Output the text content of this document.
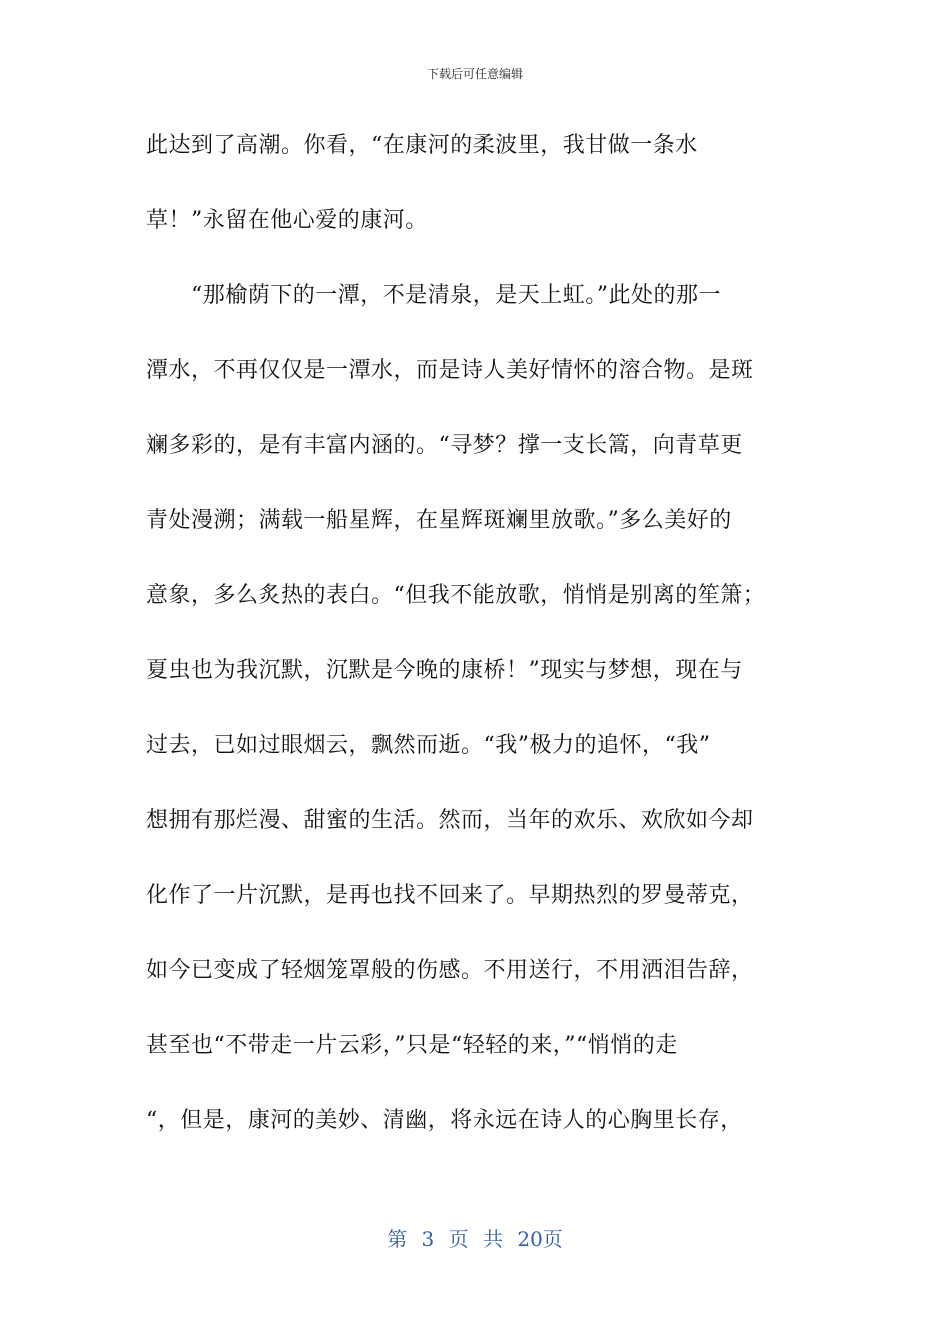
下载后可任意编辑
此达到了高潮。你看，“在康河的柔波里，我甘做一条水
草！”永留在他心爱的康河。
　　“那榆荫下的一潭，不是清泉，是天上虹。”此处的那一
潭水，不再仅仅是一潭水，而是诗人美好情怀的溶合物。是斑
斓多彩的，是有丰富内涵的。“寻梦？撑一支长篙，向青草更
青处漫溯；满载一船星辉，在星辉斑斓里放歌。”多么美好的
意象，多么炙热的表白。“但我不能放歌，悄悄是别离的笙箫；
夏虫也为我沉默，沉默是今晚的康桥！”现实与梦想，现在与
过去，已如过眼烟云，飘然而逝。“我”极力的追怀，“我”
想拥有那烂漫、甜蜜的生活。然而，当年的欢乐、欢欣如今却
化作了一片沉默，是再也找不回来了。早期热烈的罗曼蒂克，
如今已变成了轻烟笼罩般的伤感。不用送行，不用洒泪告辞，
甚至也“不带走一片云彩，”只是“轻轻的来，”“悄悄的走
“，但是，康河的美妙、清幽，将永远在诗人的心胸里长存，
第 3 页 共 20页
